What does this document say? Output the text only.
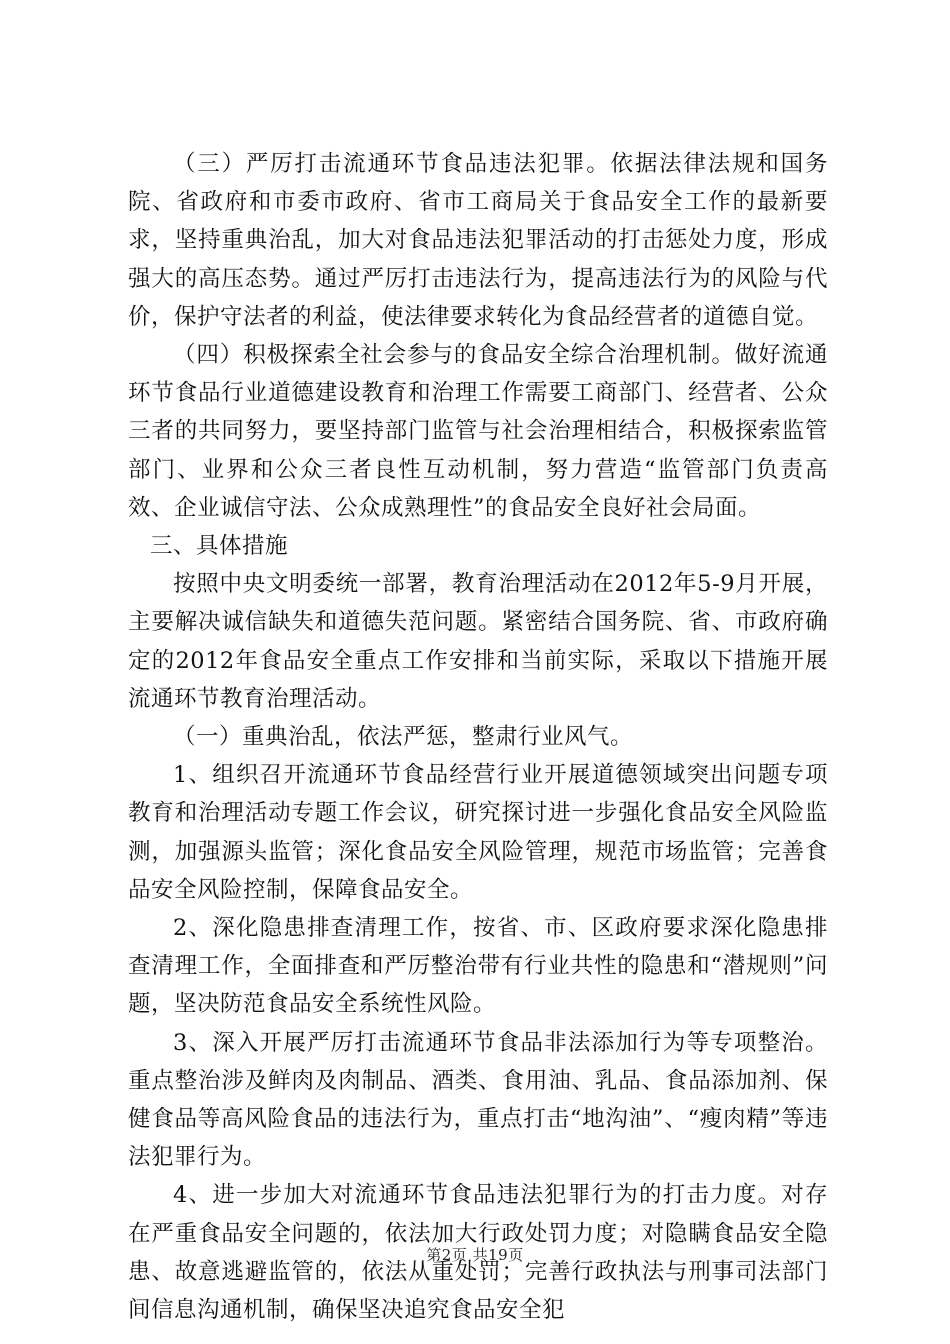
（三）严厉打击流通环节食品违法犯罪。依据法律法规和国务院、省政府和市委市政府、省市工商局关于食品安全工作的最新要求，坚持重典治乱，加大对食品违法犯罪活动的打击惩处力度，形成强大的高压态势。通过严厉打击违法行为，提高违法行为的风险与代价，保护守法者的利益，使法律要求转化为食品经营者的道德自觉。

（四）积极探索全社会参与的食品安全综合治理机制。做好流通环节食品行业道德建设教育和治理工作需要工商部门、经营者、公众三者的共同努力，要坚持部门监管与社会治理相结合，积极探索监管部门、业界和公众三者良性互动机制，努力营造“监管部门负责高效、企业诚信守法、公众成熟理性”的食品安全良好社会局面。

三、具体措施

按照中央文明委统一部署，教育治理活动在2012年5-9月开展，主要解决诚信缺失和道德失范问题。紧密结合国务院、省、市政府确定的2012年食品安全重点工作安排和当前实际，采取以下措施开展流通环节教育治理活动。

（一）重典治乱，依法严惩，整肃行业风气。

1、组织召开流通环节食品经营行业开展道德领域突出问题专项教育和治理活动专题工作会议，研究探讨进一步强化食品安全风险监测，加强源头监管；深化食品安全风险管理，规范市场监管；完善食品安全风险控制，保障食品安全。

2、深化隐患排查清理工作，按省、市、区政府要求深化隐患排查清理工作，全面排查和严厉整治带有行业共性的隐患和“潜规则”问题，坚决防范食品安全系统性风险。

3、深入开展严厉打击流通环节食品非法添加行为等专项整治。重点整治涉及鲜肉及肉制品、酒类、食用油、乳品、食品添加剂、保健食品等高风险食品的违法行为，重点打击“地沟油”、“瘦肉精”等违法犯罪行为。

4、进一步加大对流通环节食品违法犯罪行为的打击力度。对存在严重食品安全问题的，依法加大行政处罚力度；对隐瞒食品安全隐患、故意逃避监管的，依法从重处罚；完善行政执法与刑事司法部门间信息沟通机制，确保坚决追究食品安全犯

第2页 共19页
